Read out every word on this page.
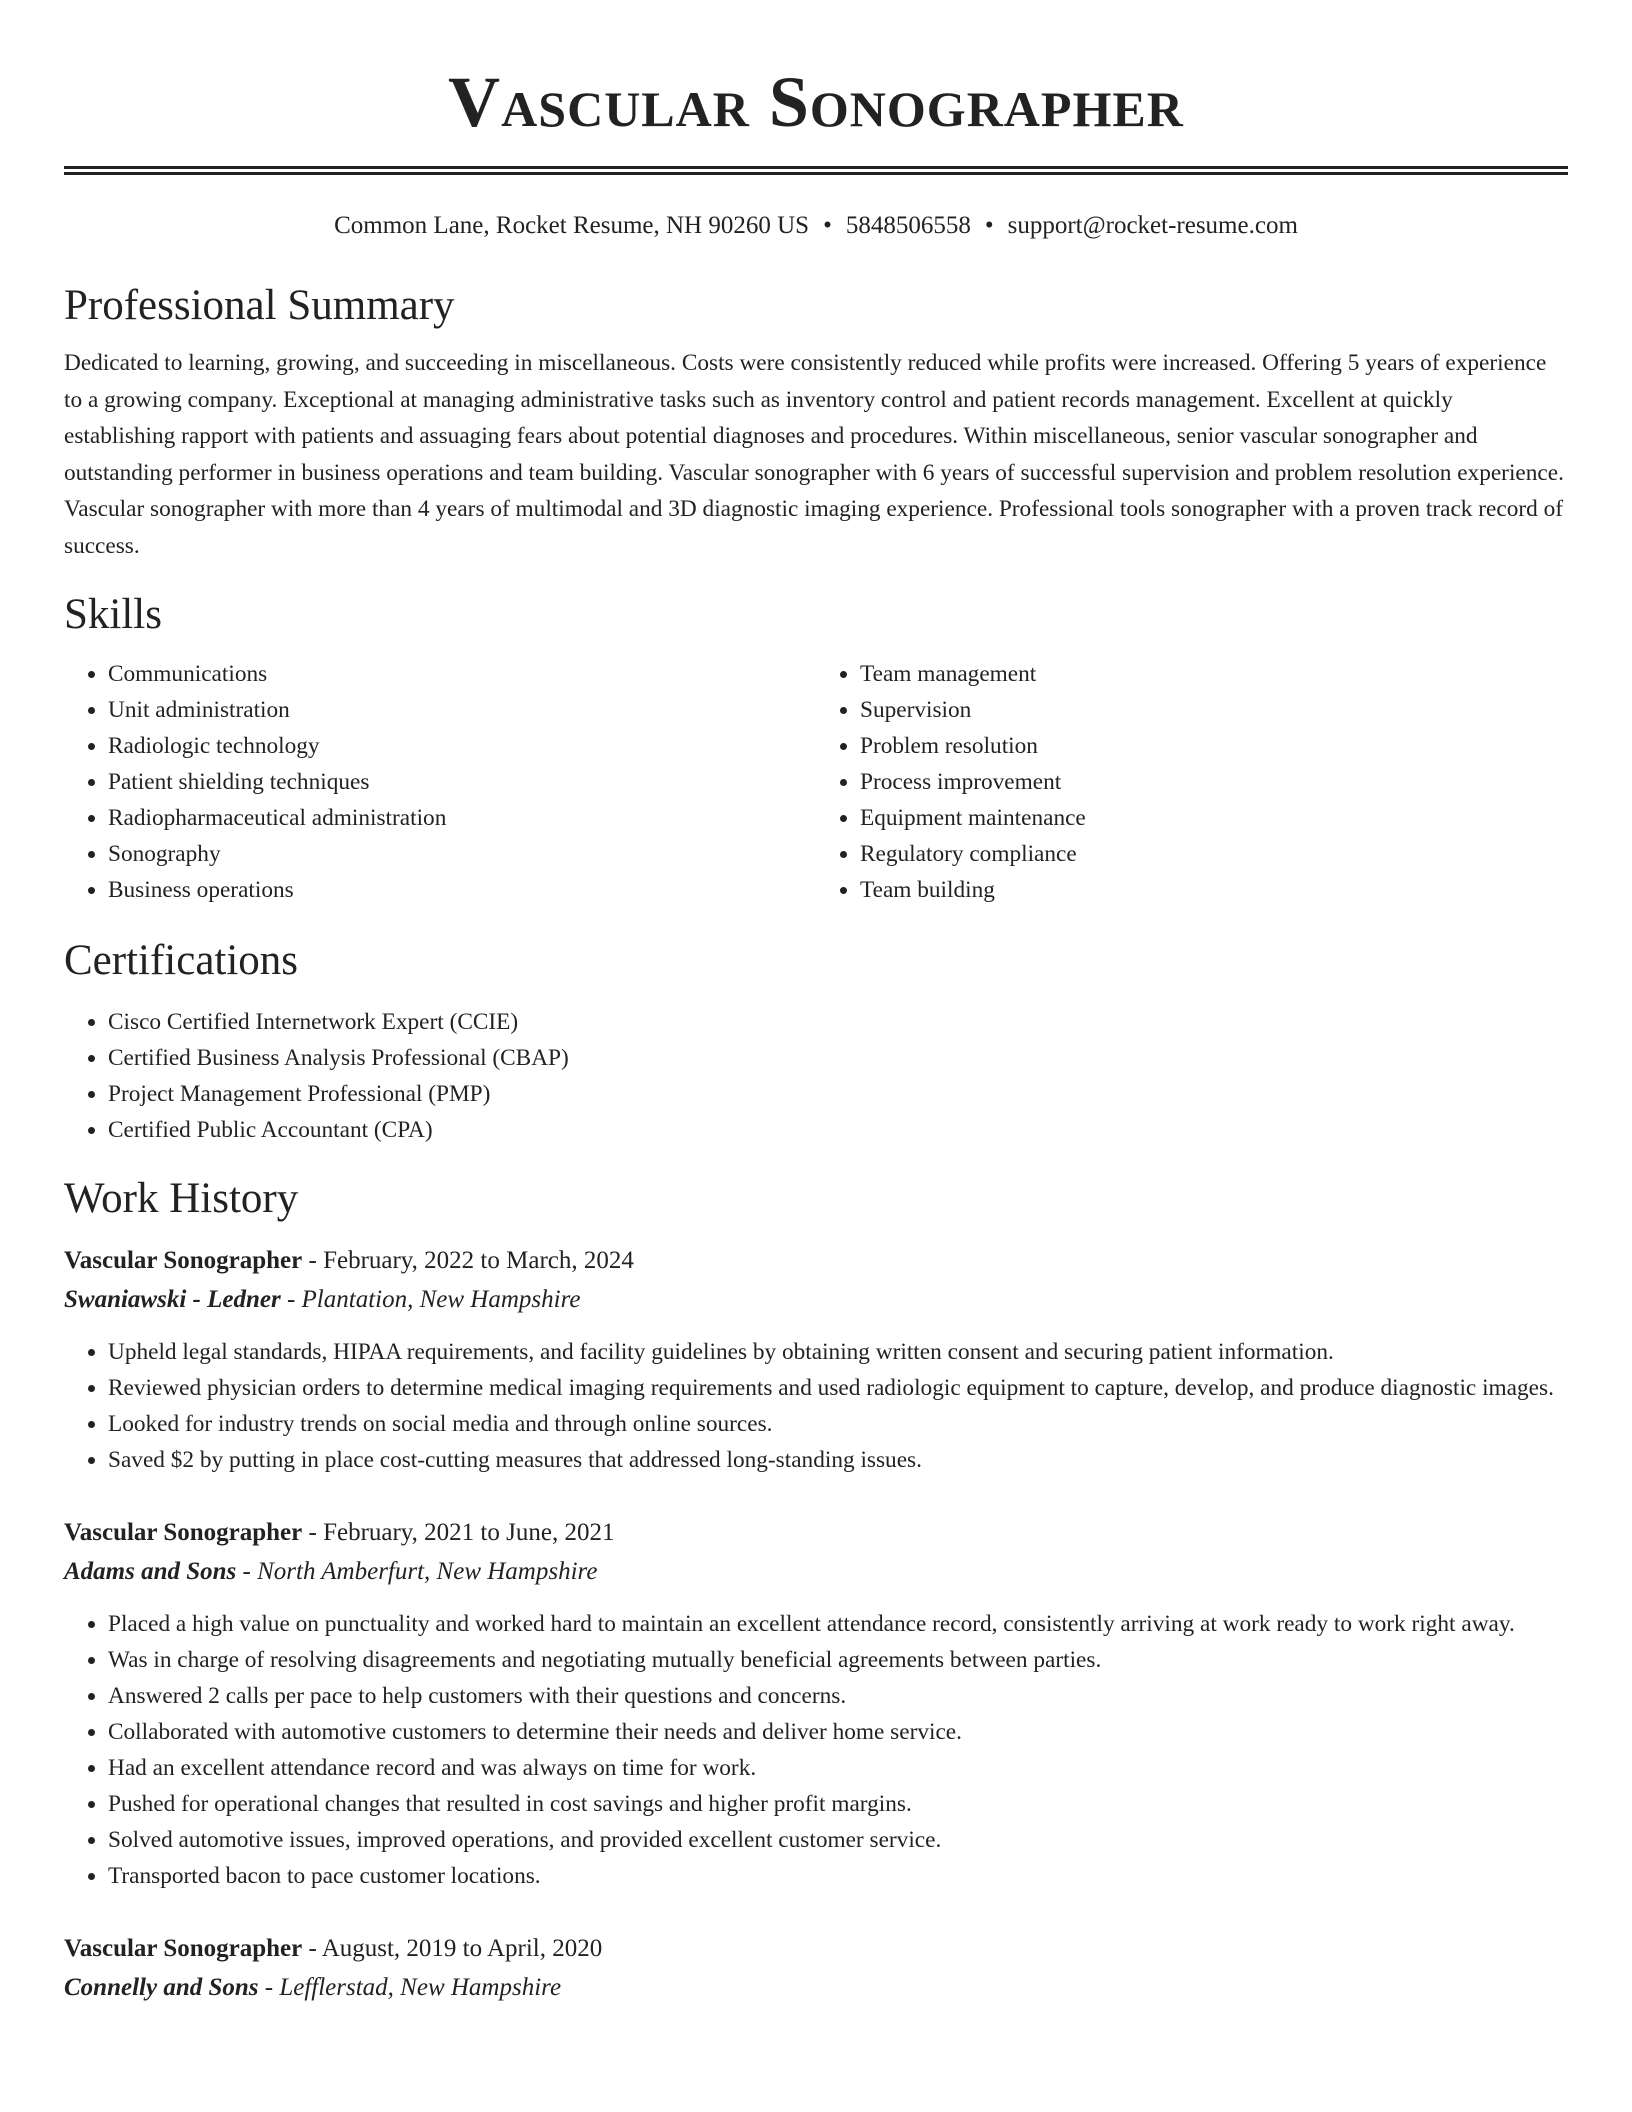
Vascular Sonographer
Common Lane, Rocket Resume, NH 90260 US • 5848506558 • support@rocket-resume.com
Professional Summary

Dedicated to learning, growing, and succeeding in miscellaneous. Costs were consistently reduced while profits were increased. Offering 5 years of experience to a growing company. Exceptional at managing administrative tasks such as inventory control and patient records management. Excellent at quickly establishing rapport with patients and assuaging fears about potential diagnoses and procedures. Within miscellaneous, senior vascular sonographer and outstanding performer in business operations and team building. Vascular sonographer with 6 years of successful supervision and problem resolution experience. Vascular sonographer with more than 4 years of multimodal and 3D diagnostic imaging experience. Professional tools sonographer with a proven track record of success.

Skills
• Communications
• Unit administration
• Radiologic technology
• Patient shielding techniques
• Radiopharmaceutical administration
• Sonography
• Business operations
• Team management
• Supervision
• Problem resolution
• Process improvement
• Equipment maintenance
• Regulatory compliance
• Team building
Certifications
• Cisco Certified Internetwork Expert (CCIE)
• Certified Business Analysis Professional (CBAP)
• Project Management Professional (PMP)
• Certified Public Accountant (CPA)
Work History
Vascular Sonographer - February, 2022 to March, 2024
Swaniawski - Ledner - Plantation, New Hampshire
• Upheld legal standards, HIPAA requirements, and facility guidelines by obtaining written consent and securing patient information.
• Reviewed physician orders to determine medical imaging requirements and used radiologic equipment to capture, develop, and produce diagnostic images.
• Looked for industry trends on social media and through online sources.
• Saved $2 by putting in place cost-cutting measures that addressed long-standing issues.
Vascular Sonographer - February, 2021 to June, 2021
Adams and Sons - North Amberfurt, New Hampshire
• Placed a high value on punctuality and worked hard to maintain an excellent attendance record, consistently arriving at work ready to work right away.
• Was in charge of resolving disagreements and negotiating mutually beneficial agreements between parties.
• Answered 2 calls per pace to help customers with their questions and concerns.
• Collaborated with automotive customers to determine their needs and deliver home service.
• Had an excellent attendance record and was always on time for work.
• Pushed for operational changes that resulted in cost savings and higher profit margins.
• Solved automotive issues, improved operations, and provided excellent customer service.
• Transported bacon to pace customer locations.
Vascular Sonographer - August, 2019 to April, 2020
Connelly and Sons - Lefflerstad, New Hampshire
